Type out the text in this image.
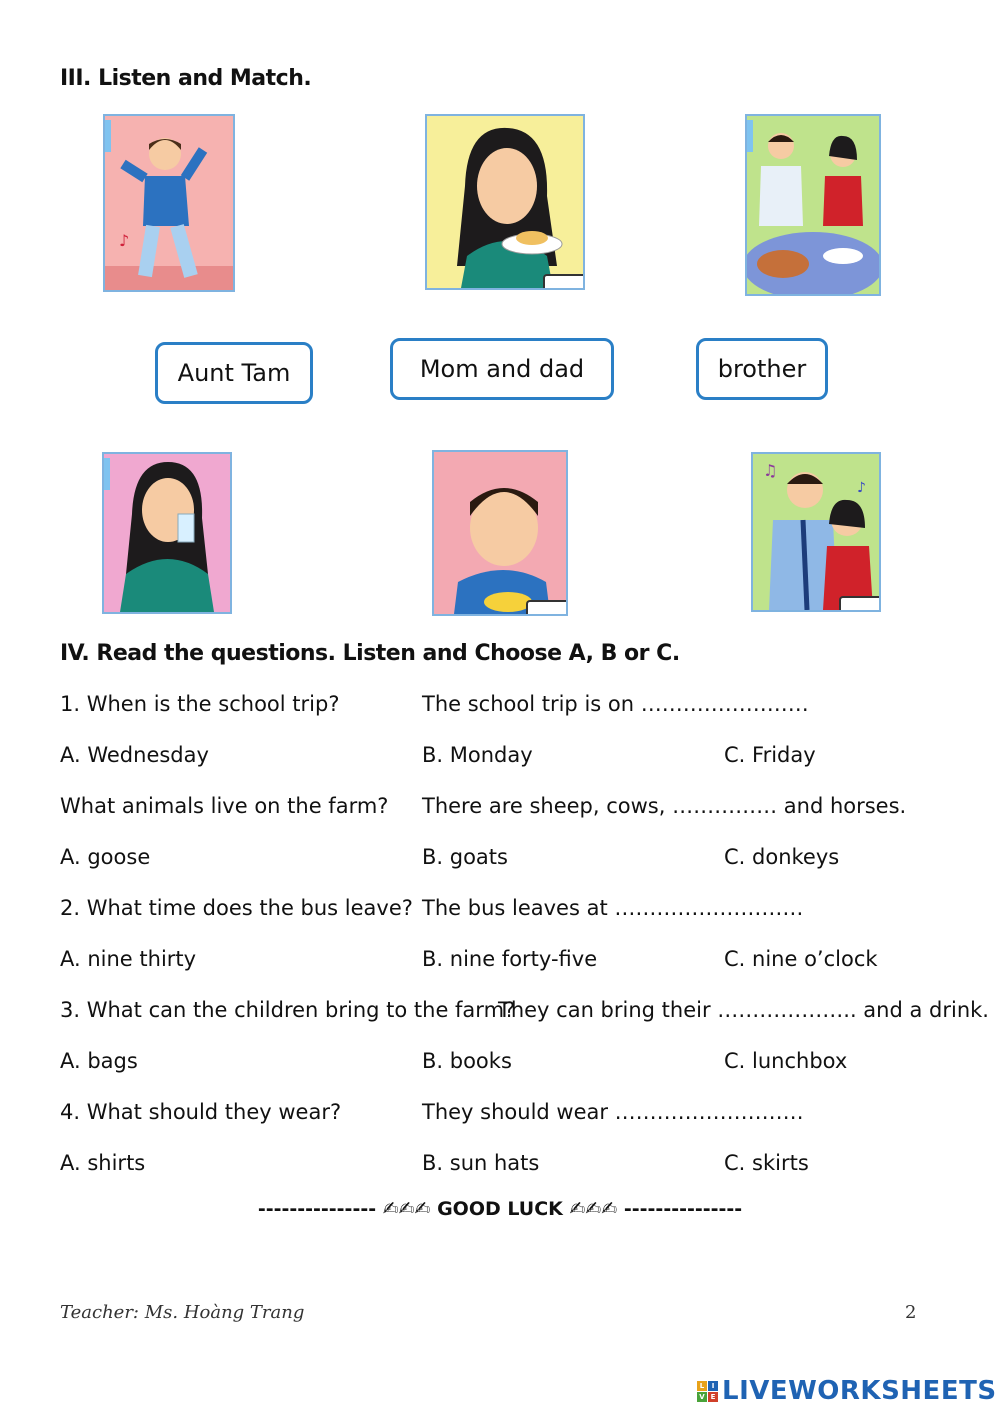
III. Listen and Match.
♪
Aunt Tam	Mom and dad	brother
♫
♪
IV. Read the questions. Listen and Choose A, B or C.
1. When is the school trip?	The school trip is on ……………………
A. Wednesday	B. Monday	C. Friday
What animals live on the farm? There are sheep, cows, …………… and horses.
A. goose	B. goats	C. donkeys
2. What time does the bus leave? The bus leaves at ………………………
A. nine thirty	B. nine forty-five	C. nine o’clock
3. What can the children bring to the farm?
They can bring their ……………….. and a drink.
A. bags	B. books	C. lunchbox
4. What should they wear?	They should wear ………………………
A. shirts	B. sun hats	C. skirts
--------------- ✍✍✍ GOOD LUCK ✍✍✍ ---------------
Teacher: Ms. Hoàng Trang	2
L	I
V E LIVEWORKSHEETS
